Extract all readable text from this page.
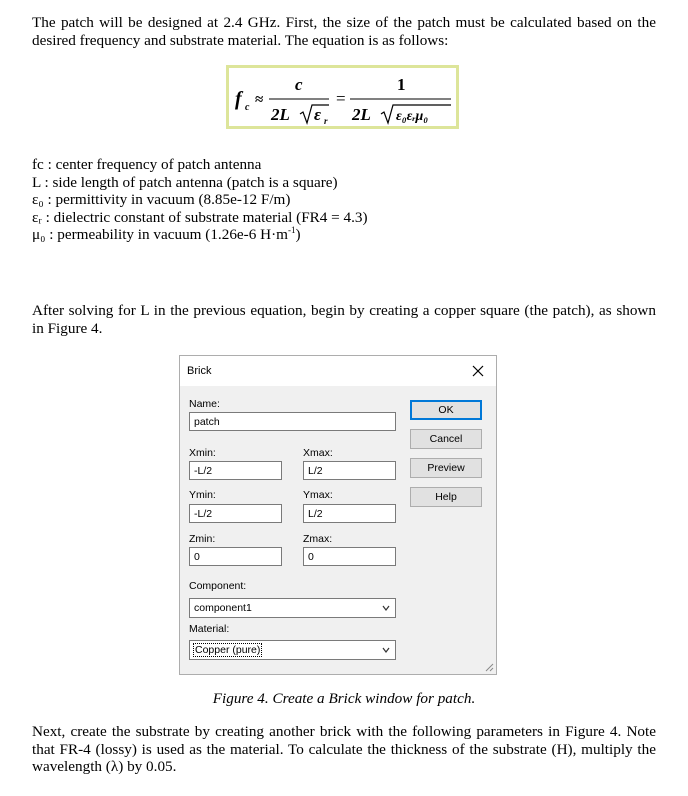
The patch will be designed at 2.4 GHz. First, the size of the patch must be calculated based on the desired frequency and substrate material. The equation is as follows:
f c ≈
c
2L ε r
=
1
2L ε₀εᵣμ₀
fс : center frequency of patch antenna
L : side length of patch antenna (patch is a square)
ε₀ : permittivity in vacuum (8.85e-12 F/m)
εᵣ : dielectric constant of substrate material (FR4 = 4.3)
μ₀ : permeability in vacuum (1.26e-6 $H\cdot m^{-1}$)
After solving for L in the previous equation, begin by creating a copper square (the patch), as shown in Figure 4.
Brick
Name:
patch
Xmin:
-L/2
Xmax:
L/2
Ymin:
-L/2
Ymax:
L/2
Zmin:
0
Zmax:
0
Component:
component1
Material:
Copper (pure)
OK
Cancel
Preview
Help
Figure 4. Create a Brick window for patch.
Next, create the substrate by creating another brick with the following parameters in Figure 4. Note that FR-4 (lossy) is used as the material. To calculate the thickness of the substrate (H), multiply the wavelength (λ) by 0.05.
